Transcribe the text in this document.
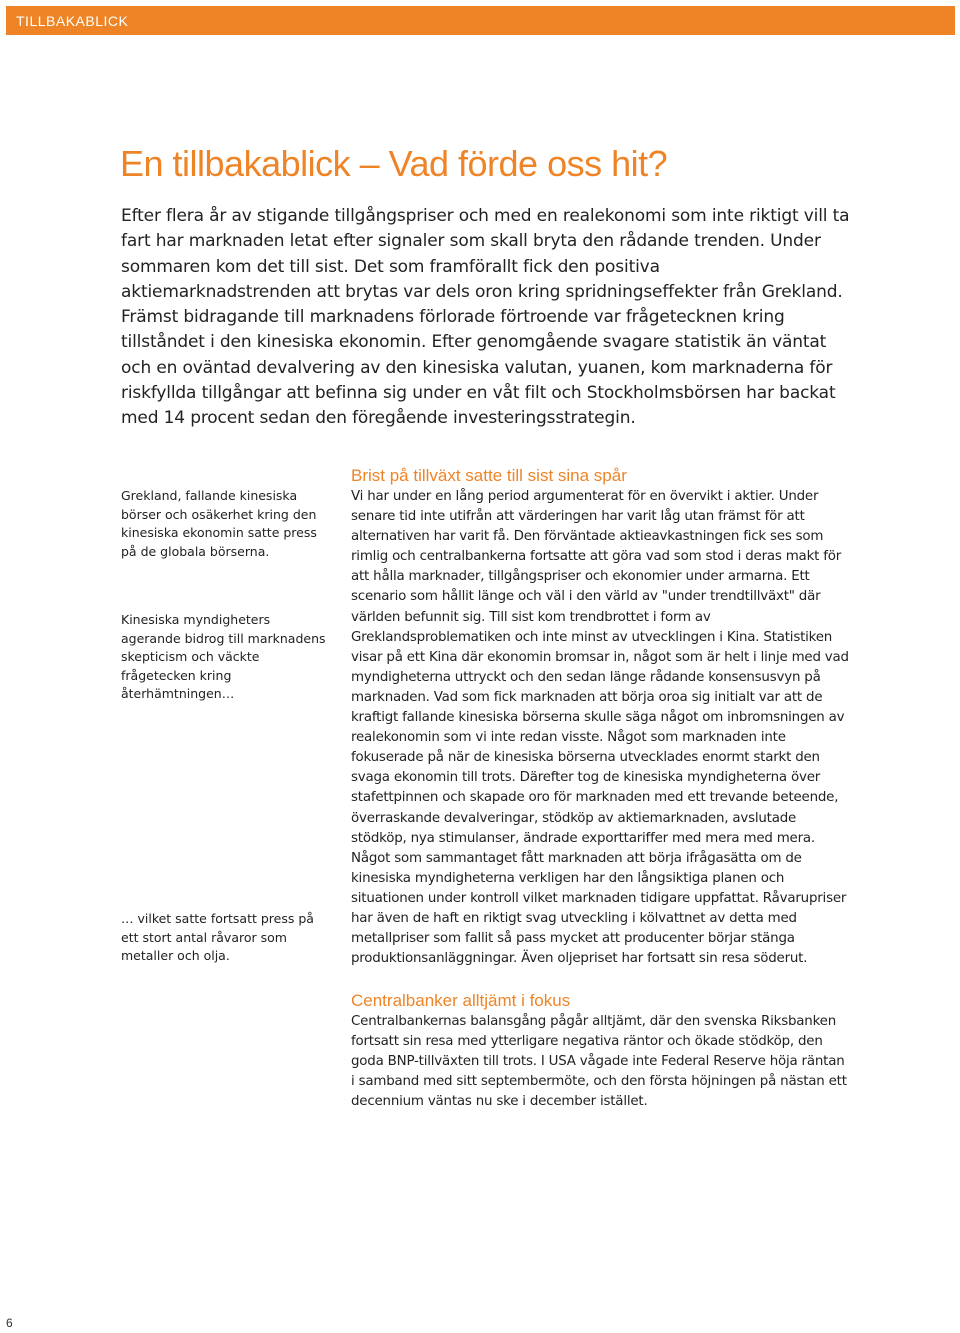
TILLBAKABLICK
En tillbakablick – Vad förde oss hit?

Efter flera år av stigande tillgångspriser och med en realekonomi som inte riktigt vill ta fart har marknaden letat efter signaler som skall bryta den rådande trenden. Under sommaren kom det till sist. Det som framförallt fick den positiva aktiemarknadstrenden att brytas var dels oron kring spridningseffekter från Grekland. Främst bidragande till marknadens förlorade förtroende var frågetecknen kring tillståndet i den kinesiska ekonomin. Efter genomgående svagare statistik än väntat och en oväntad devalvering av den kinesiska valutan, yuanen, kom marknaderna för riskfyllda tillgångar att befinna sig under en våt filt och Stockholmsbörsen har backat med 14 procent sedan den föregående investeringsstrategin.

Grekland, fallande kinesiska börser och osäkerhet kring den kinesiska ekonomin satte press på de globala börserna.

Kinesiska myndigheters agerande bidrog till marknadens skepticism och väckte frågetecken kring återhämtningen…

… vilket satte fortsatt press på ett stort antal råvaror som metaller och olja.

Brist på tillväxt satte till sist sina spår

Vi har under en lång period argumenterat för en övervikt i aktier. Under senare tid inte utifrån att värderingen har varit låg utan främst för att alternativen har varit få. Den förväntade aktieavkastningen fick ses som rimlig och centralbankerna fortsatte att göra vad som stod i deras makt för att hålla marknader, tillgångspriser och ekonomier under armarna. Ett scenario som hållit länge och väl i den värld av "under trendtillväxt" där världen befunnit sig. Till sist kom trendbrottet i form av Greklandsproblematiken och inte minst av utvecklingen i Kina. Statistiken visar på ett Kina där ekonomin bromsar in, något som är helt i linje med vad myndigheterna uttryckt och den sedan länge rådande konsensusvyn på marknaden. Vad som fick marknaden att börja oroa sig initialt var att de kraftigt fallande kinesiska börserna skulle säga något om inbromsningen av realekonomin som vi inte redan visste. Något som marknaden inte fokuserade på när de kinesiska börserna utvecklades enormt starkt den svaga ekonomin till trots. Därefter tog de kinesiska myndigheterna över stafettpinnen och skapade oro för marknaden med ett trevande beteende, överraskande devalveringar, stödköp av aktiemarknaden, avslutade stödköp, nya stimulanser, ändrade exporttariffer med mera med mera. Något som sammantaget fått marknaden att börja ifrågasätta om de kinesiska myndigheterna verkligen har den långsiktiga planen och situationen under kontroll vilket marknaden tidigare uppfattat. Råvarupriser har även de haft en riktigt svag utveckling i kölvattnet av detta med metallpriser som fallit så pass mycket att producenter börjar stänga produktionsanläggningar. Även oljepriset har fortsatt sin resa söderut.

Centralbanker alltjämt i fokus

Centralbankernas balansgång pågår alltjämt, där den svenska Riksbanken fortsatt sin resa med ytterligare negativa räntor och ökade stödköp, den goda BNP-tillväxten till trots. I USA vågade inte Federal Reserve höja räntan i samband med sitt septembermöte, och den första höjningen på nästan ett decennium väntas nu ske i december istället.

6
